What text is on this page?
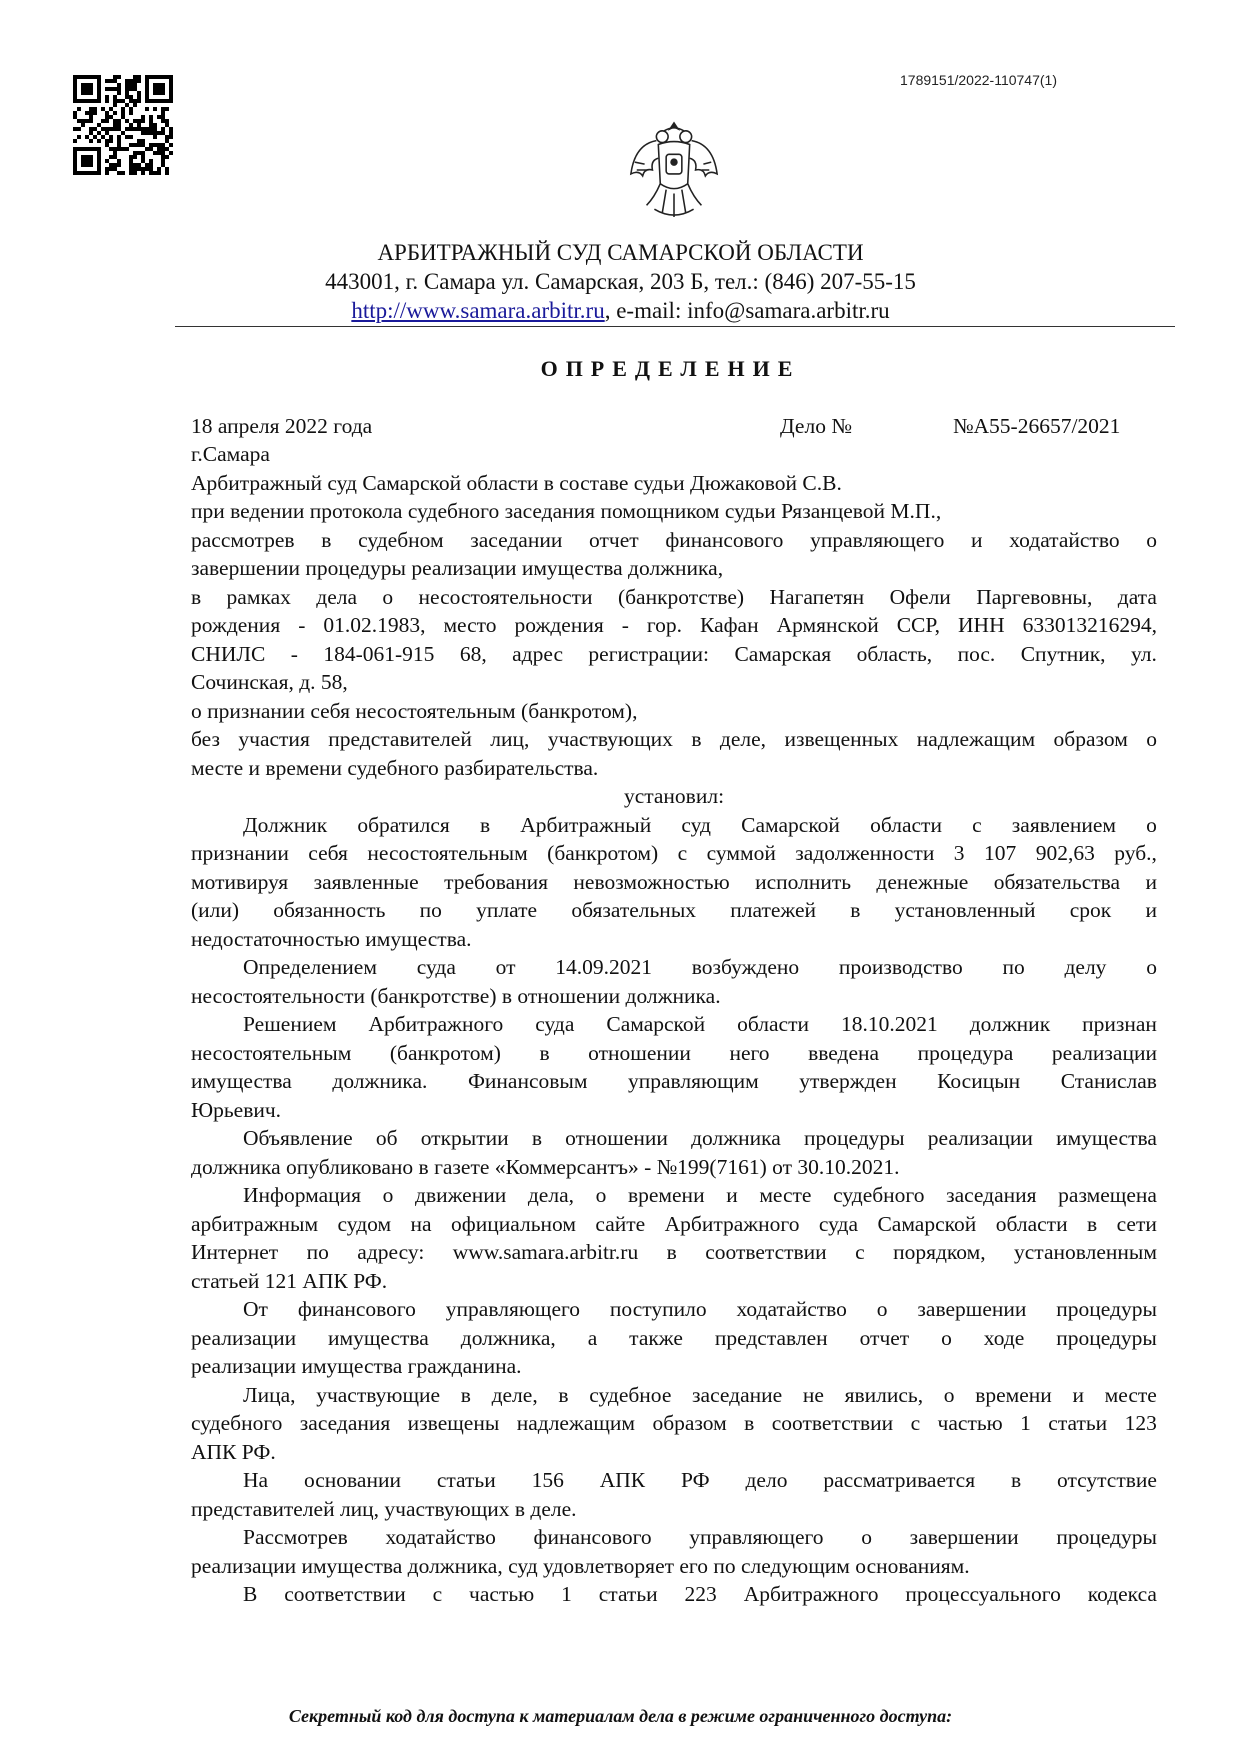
1789151/2022-110747(1)
АРБИТРАЖНЫЙ СУД САМАРСКОЙ ОБЛАСТИ
443001, г. Самара ул. Самарская, 203 Б, тел.: (846) 207-55-15
http://www.samara.arbitr.ru, e-mail: info@samara.arbitr.ru
ОПРЕДЕЛЕНИЕ
18 апреля 2022 года	Дело №	№А55-26657/2021
г.Самара
Арбитражный суд Самарской области в составе судьи Дюжаковой С.В.
при ведении протокола судебного заседания помощником судьи Рязанцевой М.П.,
рассмотрев в судебном заседании отчет финансового управляющего и ходатайство о
завершении процедуры реализации имущества должника,
в рамках дела о несостоятельности (банкротстве) Нагапетян Офели Паргевовны, дата
рождения - 01.02.1983, место рождения - гор. Кафан Армянской ССР, ИНН 633013216294,
СНИЛС - 184-061-915 68, адрес регистрации: Самарская область, пос. Спутник, ул.
Сочинская, д. 58,
о признании себя несостоятельным (банкротом),
без участия представителей лиц, участвующих в деле, извещенных надлежащим образом о
месте и времени судебного разбирательства.
установил:
Должник обратился в Арбитражный суд Самарской области с заявлением о
признании себя несостоятельным (банкротом) с суммой задолженности 3 107 902,63 руб.,
мотивируя заявленные требования невозможностью исполнить денежные обязательства и
(или) обязанность по уплате обязательных платежей в установленный срок и
недостаточностью имущества.
Определением суда от 14.09.2021 возбуждено производство по делу о
несостоятельности (банкротстве) в отношении должника.
Решением Арбитражного суда Самарской области 18.10.2021 должник признан
несостоятельным (банкротом) в отношении него введена процедура реализации
имущества должника. Финансовым управляющим утвержден Косицын Станислав
Юрьевич.
Объявление об открытии в отношении должника процедуры реализации имущества
должника опубликовано в газете «Коммерсантъ» - №199(7161) от 30.10.2021.
Информация о движении дела, о времени и месте судебного заседания размещена
арбитражным судом на официальном сайте Арбитражного суда Самарской области в сети
Интернет по адресу: www.samara.arbitr.ru в соответствии с порядком, установленным
статьей 121 АПК РФ.
От финансового управляющего поступило ходатайство о завершении процедуры
реализации имущества должника, а также представлен отчет о ходе процедуры
реализации имущества гражданина.
Лица, участвующие в деле, в судебное заседание не явились, о времени и месте
судебного заседания извещены надлежащим образом в соответствии с частью 1 статьи 123
АПК РФ.
На основании статьи 156 АПК РФ дело рассматривается в отсутствие
представителей лиц, участвующих в деле.
Рассмотрев ходатайство финансового управляющего о завершении процедуры
реализации имущества должника, суд удовлетворяет его по следующим основаниям.
В соответствии с частью 1 статьи 223 Арбитражного процессуального кодекса
Секретный код для доступа к материалам дела в режиме ограниченного доступа:
